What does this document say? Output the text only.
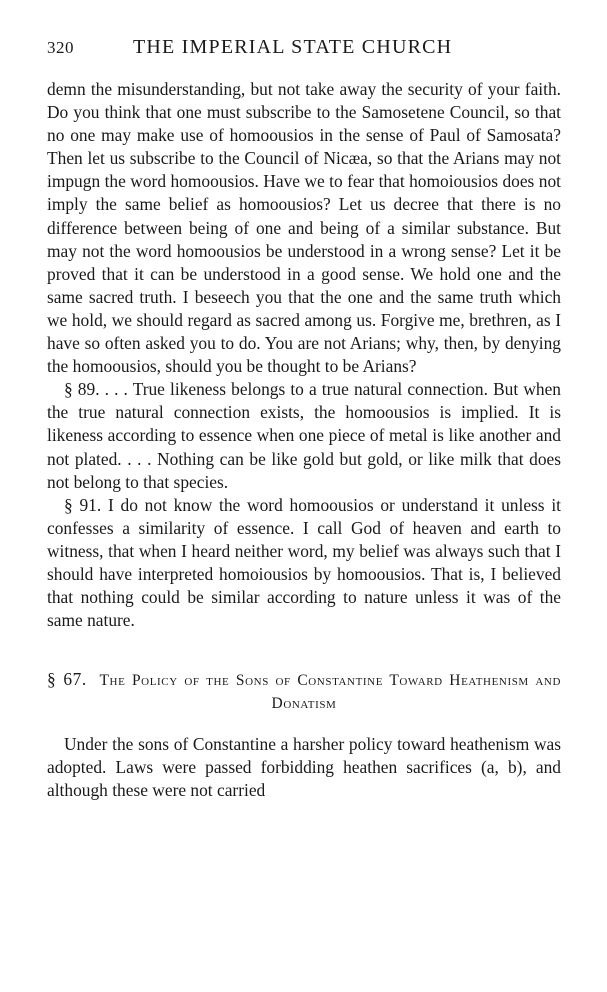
320	THE IMPERIAL STATE CHURCH

demn the misunderstanding, but not take away the security of your faith. Do you think that one must subscribe to the Samosetene Council, so that no one may make use of homoousios in the sense of Paul of Samosata? Then let us subscribe to the Council of Nicæa, so that the Arians may not impugn the word homoousios. Have we to fear that homoiousios does not imply the same belief as homoousios? Let us decree that there is no difference between being of one and being of a similar substance. But may not the word homoousios be understood in a wrong sense? Let it be proved that it can be understood in a good sense. We hold one and the same sacred truth. I beseech you that the one and the same truth which we hold, we should regard as sacred among us. Forgive me, brethren, as I have so often asked you to do. You are not Arians; why, then, by denying the homoousios, should you be thought to be Arians?

§ 89. . . . True likeness belongs to a true natural connection. But when the true natural connection exists, the homoousios is implied. It is likeness according to essence when one piece of metal is like another and not plated. . . . Nothing can be like gold but gold, or like milk that does not belong to that species.

§ 91. I do not know the word homoousios or understand it unless it confesses a similarity of essence. I call God of heaven and earth to witness, that when I heard neither word, my belief was always such that I should have interpreted homoiousios by homoousios. That is, I believed that nothing could be similar according to nature unless it was of the same nature.

§ 67. The Policy of the Sons of Constantine Toward Heathenism and Donatism

Under the sons of Constantine a harsher policy toward heathenism was adopted. Laws were passed forbidding heathen sacrifices (a, b), and although these were not carried
